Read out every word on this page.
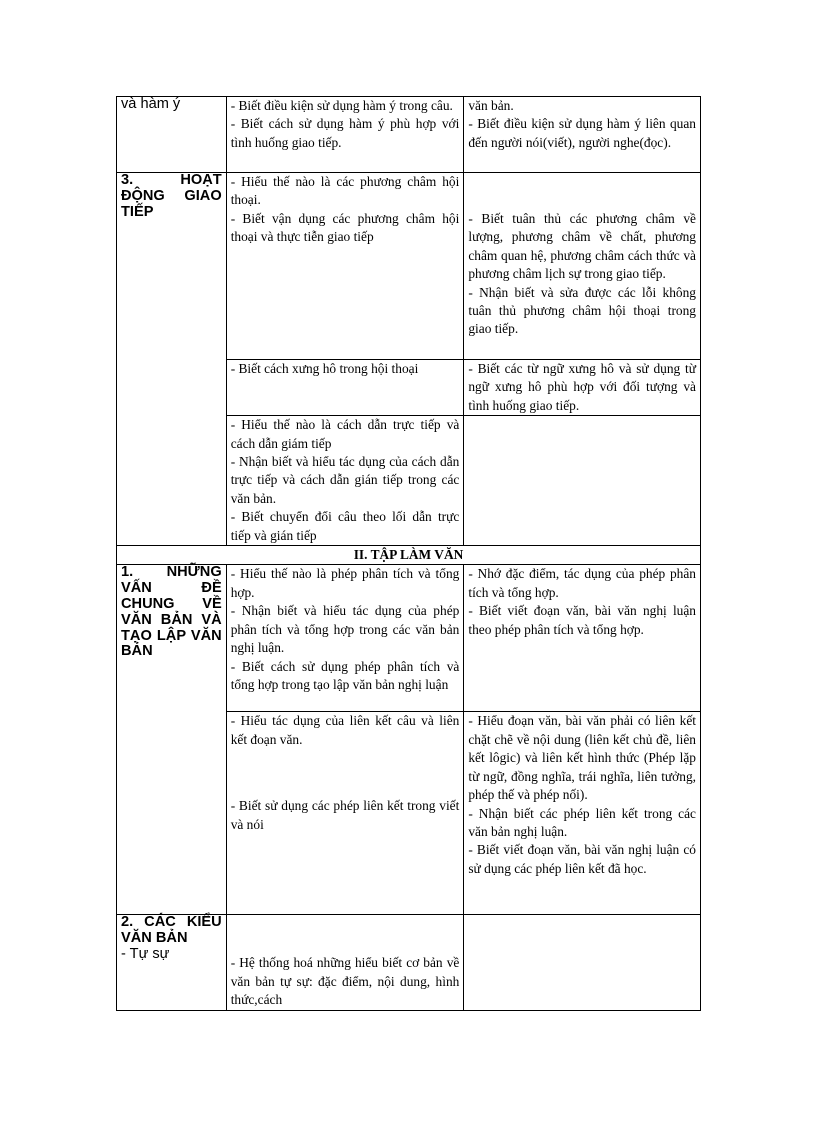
và hàm ý	- Biết điều kiện sử dụng hàm ý trong câu.
- Biết cách sử dụng hàm ý phù hợp với tình huống giao tiếp.	văn bản.
- Biết điều kiện sử dụng hàm ý liên quan đến người nói(viết), người nghe(đọc).

3. HOẠT ĐỘNG GIAO TIẾP	- Hiểu thế nào là các phương châm hội thoại.
- Biết vận dụng các phương châm hội thoại và thực tiễn giao tiếp	- Biết tuân thủ các phương châm về lượng, phương châm về chất, phương châm quan hệ, phương châm cách thức và phương châm lịch sự trong giao tiếp.
- Nhận biết và sửa được các lỗi không tuân thủ phương châm hội thoại trong giao tiếp.

	- Biết cách xưng hô trong hội thoại	- Biết các từ ngữ xưng hô và sử dụng từ ngữ xưng hô phù hợp với đối tượng và tình huống giao tiếp.

	- Hiểu thế nào là cách dẫn trực tiếp và cách dẫn giám tiếp
- Nhận biết và hiểu tác dụng của cách dẫn trực tiếp và cách dẫn gián tiếp trong các văn bản.
- Biết chuyển đổi câu theo lối dẫn trực tiếp và gián tiếp	

II. TẬP LÀM VĂN		

1. NHỮNG VẤN ĐỀ CHUNG VỀ VĂN BẢN VÀ TẠO LẬP VĂN BẢN	- Hiểu thế nào là phép phân tích và tổng hợp.
- Nhận biết và hiểu tác dụng của phép phân tích và tổng hợp trong các văn bản nghị luận.
- Biết cách sử dụng phép phân tích và tổng hợp trong tạo lập văn bản nghị luận	- Nhớ đặc điểm, tác dụng của phép phân tích và tổng hợp.
- Biết viết đoạn văn, bài văn nghị luận theo phép phân tích và tổng hợp.

	- Hiểu tác dụng của liên kết câu và liên kết đoạn văn.
- Biết sử dụng các phép liên kết trong viết và nói	- Hiểu đoạn văn, bài văn phải có liên kết chặt chẽ về nội dung (liên kết chủ đề, liên kết lôgic) và liên kết hình thức (Phép lặp từ ngữ, đồng nghĩa, trái nghĩa, liên tưởng, phép thế và phép nối).
- Nhận biết các phép liên kết trong các văn bản nghị luận.
- Biết viết đoạn văn, bài văn nghị luận có sử dụng các phép liên kết đã học.

2. CÁC KIỂU VĂN BẢN
- Tự sự	- Hệ thống hoá những hiểu biết cơ bản về văn bản tự sự: đặc điểm, nội dung, hình thức,cách	
